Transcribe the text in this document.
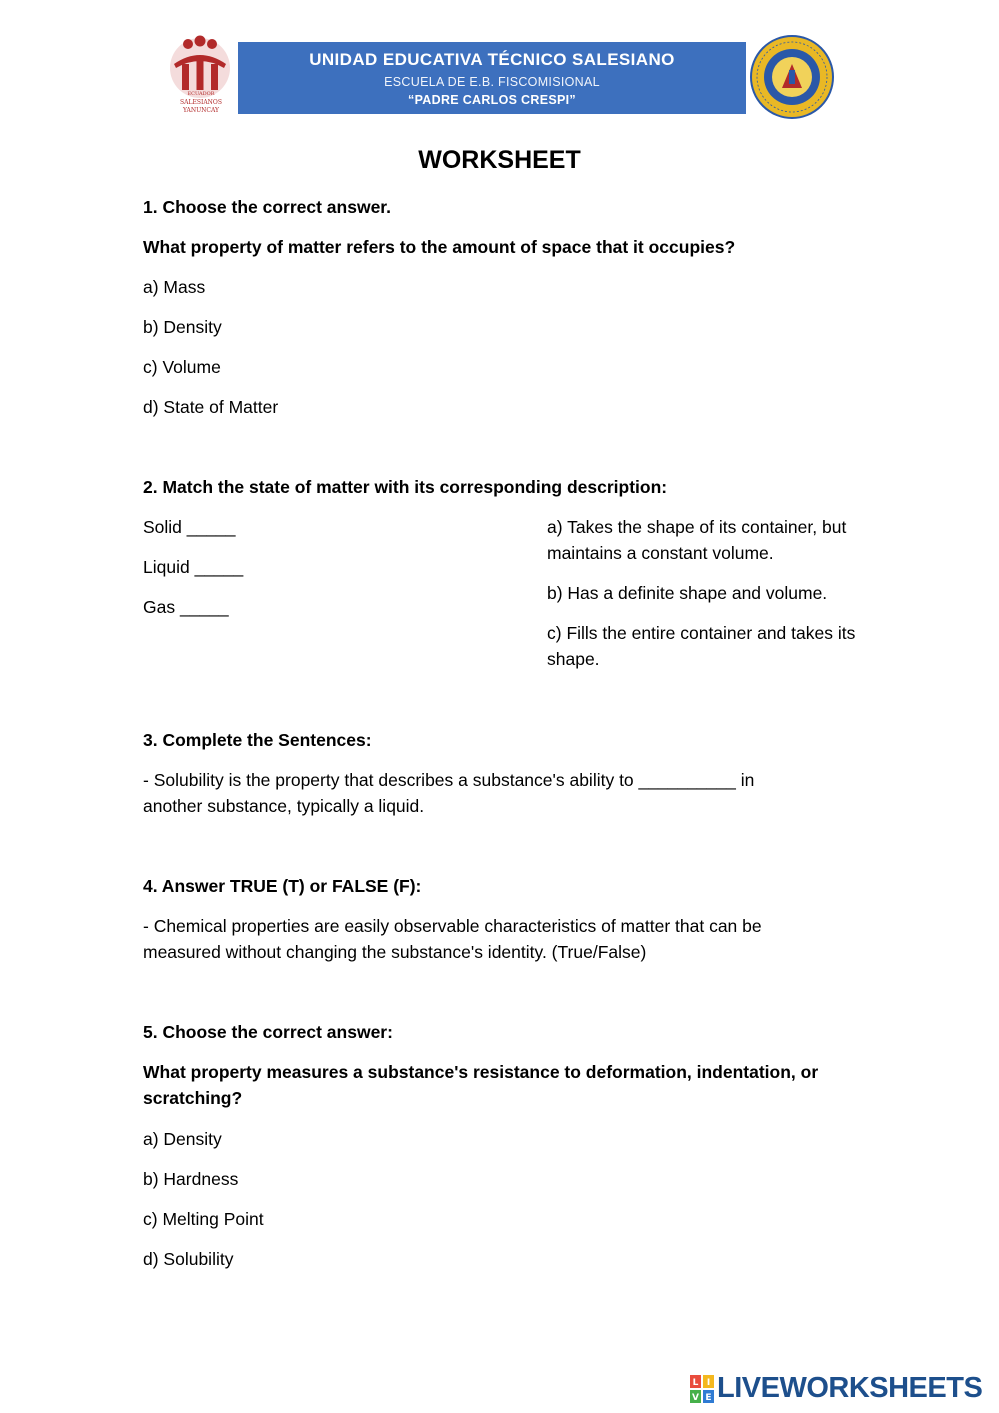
ECUADOR
SALESIANOS
YANUNCAY
UNIDAD EDUCATIVA TÉCNICO SALESIANO
ESCUELA DE E.B. FISCOMISIONAL
“PADRE CARLOS CRESPI”
WORKSHEET
1. Choose the correct answer.
What property of matter refers to the amount of space that it occupies?
a) Mass
b) Density
c) Volume
d) State of Matter
2. Match the state of matter with its corresponding description:
Solid _____
Liquid _____
Gas _____
a) Takes the shape of its container, but maintains a constant volume.
b) Has a definite shape and volume.
c) Fills the entire container and takes its shape.
3. Complete the Sentences:
- Solubility is the property that describes a substance's ability to __________ in another substance, typically a liquid.
4. Answer TRUE (T) or FALSE (F):
- Chemical properties are easily observable characteristics of matter that can be measured without changing the substance's identity. (True/False)
5. Choose the correct answer:
What property measures a substance's resistance to deformation, indentation, or scratching?
a) Density
b) Hardness
c) Melting Point
d) Solubility
L I
V E LIVEWORKSHEETS
